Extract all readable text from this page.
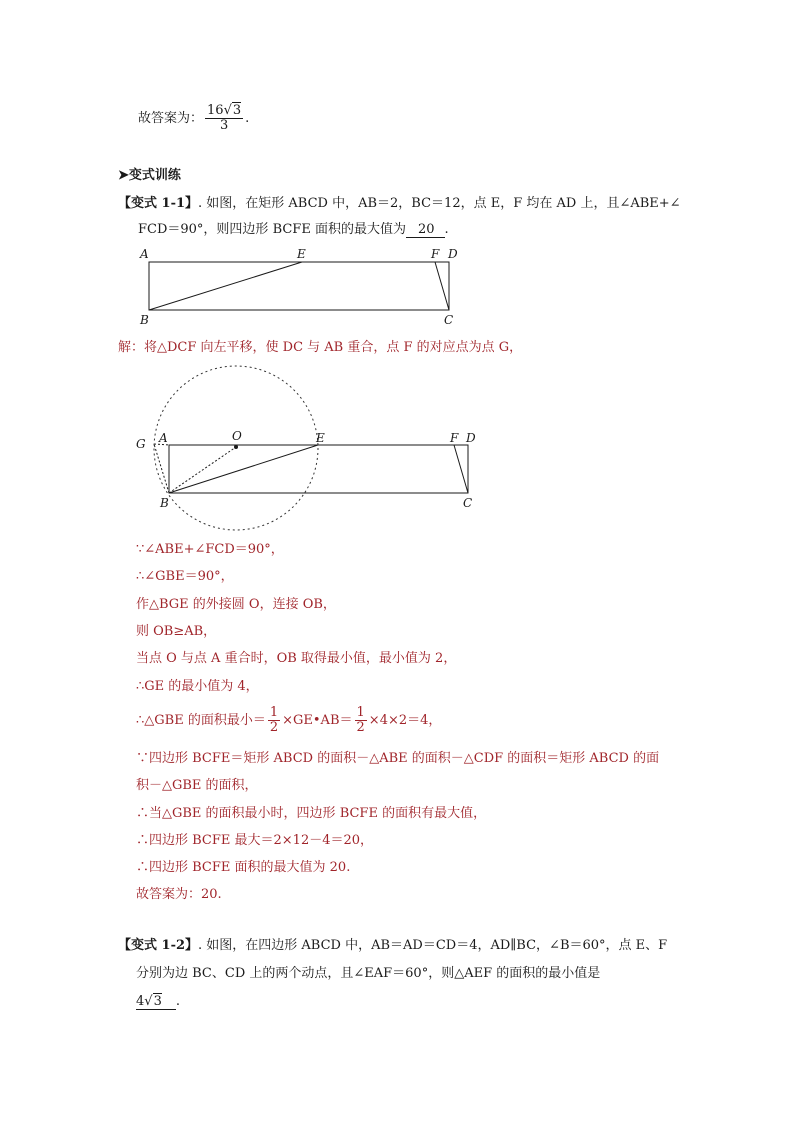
故答案为： $\frac{16√3}{3}$ .
➤变式训练
【变式 1-1】. 如图，在矩形 ABCD 中，AB＝2，BC＝12，点 E，F 均在 AD 上，且∠ABE+∠
FCD＝90°，则四边形 BCFE 面积的最大值为 20 .
A	E	F D
B	C
解：将△DCF 向左平移，使 DC 与 AB 重合，点 F 的对应点为点 G，
G A	O	E	F D
B	C
∵∠ABE+∠FCD＝90°，
∴∠GBE＝90°，
作△BGE 的外接圆 O，连接 OB，
则 OB≥AB，
当点 O 与点 A 重合时，OB 取得最小值，最小值为 2，
∴GE 的最小值为 4，
∴△GBE 的面积最小＝ $\frac{1}{2}$ ×GE•AB＝ $\frac{1}{2} \times 4\times 2=4$，
∵四边形 BCFE＝矩形 ABCD 的面积－△ABE 的面积－△CDF 的面积＝矩形 ABCD 的面
积－△GBE 的面积，
∴当△GBE 的面积最小时，四边形 BCFE 的面积有最大值，
∴四边形 BCFE 最大＝2×12－4＝20，
∴四边形 BCFE 面积的最大值为 20.
故答案为：20.
【变式 1-2】. 如图，在四边形 ABCD 中，AB＝AD＝CD＝4，AD∥BC，∠B＝60°，点 E、F
分别为边 BC、CD 上的两个动点，且∠EAF＝60°，则△AEF 的面积的最小值是
4√3 .
